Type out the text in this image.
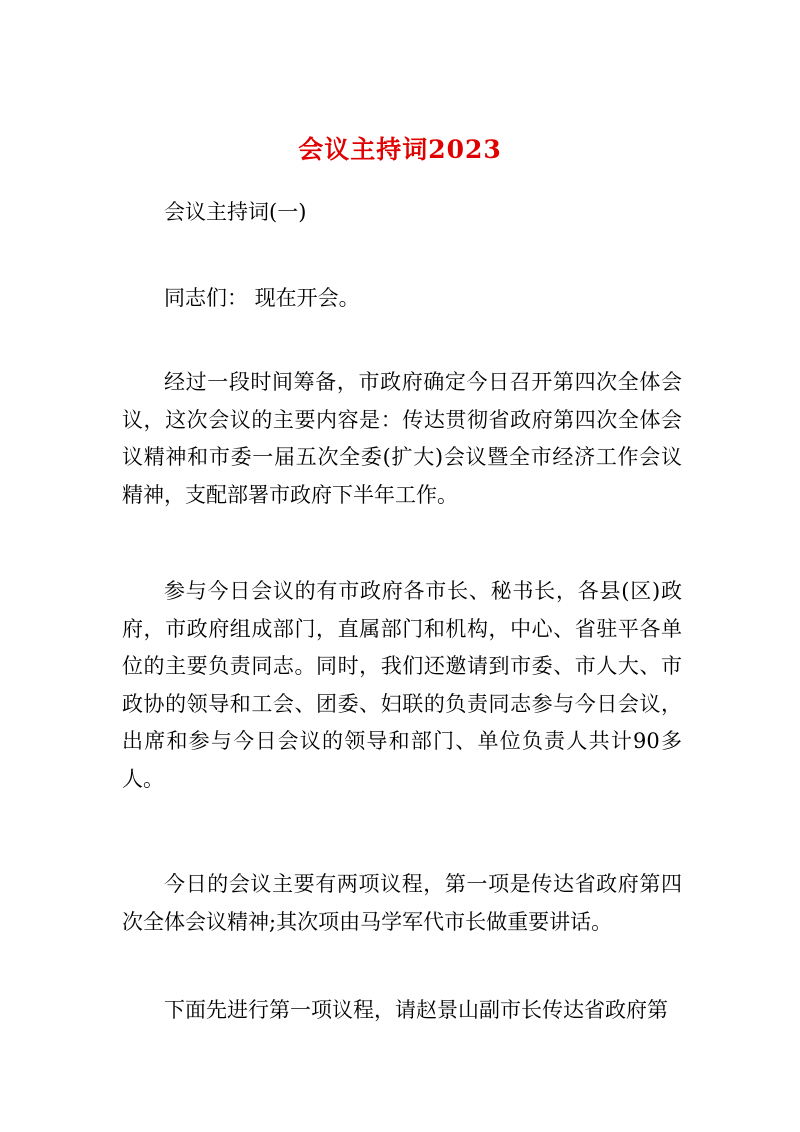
会议主持词2023

会议主持词(一)

同志们： 现在开会。

经过一段时间筹备，市政府确定今日召开第四次全体会议，这次会议的主要内容是：传达贯彻省政府第四次全体会议精神和市委一届五次全委(扩大)会议暨全市经济工作会议精神，支配部署市政府下半年工作。

参与今日会议的有市政府各市长、秘书长，各县(区)政府，市政府组成部门，直属部门和机构，中心、省驻平各单位的主要负责同志。同时，我们还邀请到市委、市人大、市政协的领导和工会、团委、妇联的负责同志参与今日会议，出席和参与今日会议的领导和部门、单位负责人共计90多人。

今日的会议主要有两项议程，第一项是传达省政府第四次全体会议精神;其次项由马学军代市长做重要讲话。

下面先进行第一项议程，请赵景山副市长传达省政府第
